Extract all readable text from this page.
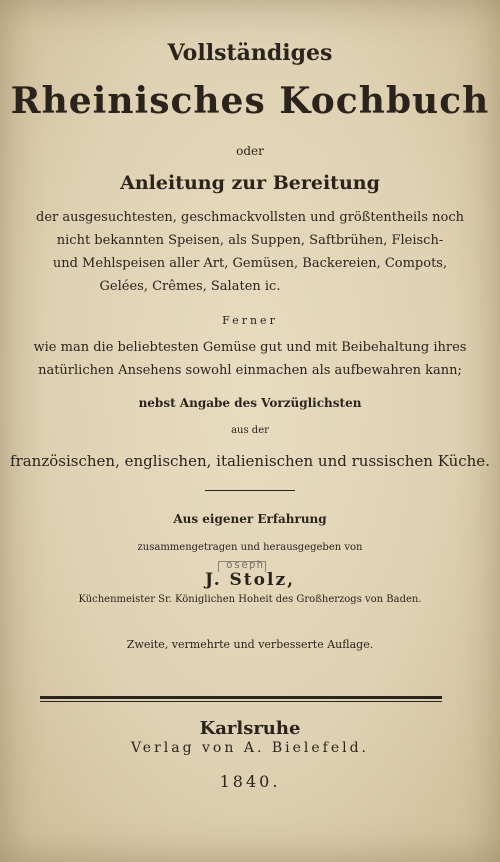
Vollständiges
Rheinisches Kochbuch
oder
Anleitung zur Bereitung
der ausgesuchtesten, geschmackvollsten und größtentheils noch
nicht bekannten Speisen, als Suppen, Saftbrühen, Fleisch-
und Mehlspeisen aller Art, Gemüsen, Backereien, Compots,
Gelées, Crêmes, Salaten ic.
Ferner
wie man die beliebtesten Gemüse gut und mit Beibehaltung ihres
natürlichen Ansehens sowohl einmachen als aufbewahren kann;
nebst Angabe des Vorzüglichsten
aus der
französischen, englischen, italienischen und russischen Küche.
Aus eigener Erfahrung
zusammengetragen und herausgegeben von
oseph
J. Stolz,
Küchenmeister Sr. Königlichen Hoheit des Großherzogs von Baden.
Zweite, vermehrte und verbesserte Auflage.
Karlsruhe
Verlag von A. Bielefeld.
1840.
